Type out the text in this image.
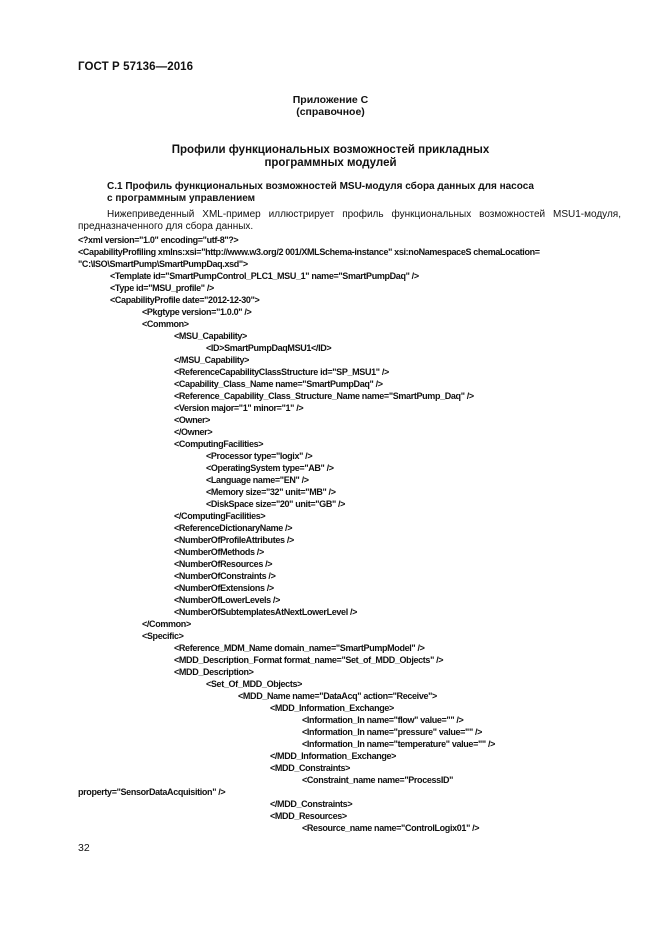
ГОСТ Р 57136—2016
Приложение С
(справочное)
Профили функциональных возможностей прикладных
программных модулей
С.1 Профиль функциональных возможностей MSU-модуля сбора данных для насоса
с программным управлением
Нижеприведенный XML-пример иллюстрирует профиль функциональных возможностей MSU1-модуля,
предназначенного для сбора данных.
<?xml version="1.0" encoding="utf-8"?>
<CapabilityProfiling xmlns:xsi="http://www.w3.org/2 001/XMLSchema-instance" xsi:noNamespaceS chemaLocation=
"C:\ISO\SmartPump\SmartPumpDaq.xsd">
<Template id="SmartPumpControl_PLC1_MSU_1" name="SmartPumpDaq" />
<Type id="MSU_profile" />
<CapabilityProfile date="2012-12-30">
<Pkgtype version="1.0.0" />
<Common>
<MSU_Capability>
<ID>SmartPumpDaqMSU1</ID>
</MSU_Capability>
<ReferenceCapabilityClassStructure id="SP_MSU1" />
<Capability_Class_Name name="SmartPumpDaq" />
<Reference_Capability_Class_Structure_Name name="SmartPump_Daq" />
<Version major="1" minor="1" />
<Owner>
</Owner>
<ComputingFacilities>
<Processor type="logix" />
<OperatingSystem type="AB" />
<Language name="EN" />
<Memory size="32" unit="MB" />
<DiskSpace size="20" unit="GB" />
</ComputingFacilities>
<ReferenceDictionaryName />
<NumberOfProfileAttributes />
<NumberOfMethods />
<NumberOfResources />
<NumberOfConstraints />
<NumberOfExtensions />
<NumberOfLowerLevels />
<NumberOfSubtemplatesAtNextLowerLevel />
</Common>
<Specific>
<Reference_MDM_Name domain_name="SmartPumpModel" />
<MDD_Description_Format format_name="Set_of_MDD_Objects" />
<MDD_Description>
<Set_Of_MDD_Objects>
<MDD_Name name="DataAcq" action="Receive">
<MDD_Information_Exchange>
<Information_In name="flow" value="" />
<Information_In name="pressure" value="" />
<Information_In name="temperature" value="" />
</MDD_Information_Exchange>
<MDD_Constraints>
<Constraint_name name="ProcessID"
property="SensorDataAcquisition" />
</MDD_Constraints>
<MDD_Resources>
<Resource_name name="ControlLogix01" />
32
